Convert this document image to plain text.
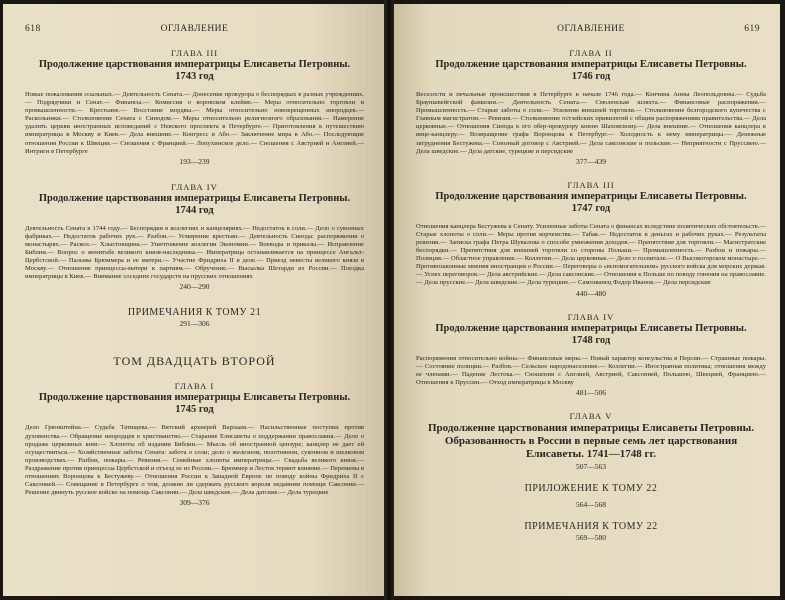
618	ОГЛАВЛЕНИЕ
ГЛАВА III
Продолжение царствования императрицы Елисаветы Петровны. 1743 год
Новые пожалования ссыльных.— Деятельность Сената.— Донесение прокурора о беспорядках в разных учреждениях.— Подрядчики и Сенат.— Финансы.— Комиссия о воровском клейме.— Меры относительно торговли и промышленности.— Крестьяне.— Восстание мордвы.— Меры относительно новокрещенных инородцев.— Раскольники.— Столкновение Сената с Синодом.— Меры относительно религиозного образования.— Намерение удалить церкви иностранных исповеданий с Невского проспекта в Петербурге.— Приготовления к путешествию императрицы в Москву и Киев.— Дела внешние.— Конгресс в Або.— Заключение мира в Або.— Последующие отношения России к Швеции.— Сношения с Францией.— Лопухинское дело.— Сношения с Австрией и Англией.— Интриги в Петербурге
193—239
ГЛАВА IV
Продолжение царствования императрицы Елисаветы Петровны. 1744 год
Деятельность Сената в 1744 году.— Беспорядки в коллегиях и канцеляриях.— Недостаток в соли.— Дело о суконных фабриках.— Недостаток рабочих рук.— Разбои.— Усмирение крестьян.— Деятельность Синода: распоряжения о монастырях.— Раскол.— Хлыстовщина.— Уничтожение коллегии Экономии.— Воеводы и приказы.— Исправление Библии.— Вопрос о женитьбе великого князя-наследника.— Императрица останавливается на принцессе Ангальт-Цербстской.— Пальмы Брюммера и ее матери.— Участие Фридриха II в деле.— Приезд невесты великого князя в Москву.— Отношение принцессы-матери к партиям.— Обручение.— Высылка Шетарди из России.— Поездка императрицы в Киев.— Внимание соседних государств на прусских отношениях
240—290
ПРИМЕЧАНИЯ К ТОМУ 21
291—306
ТОМ ДВАДЦАТЬ ВТОРОЙ
ГЛАВА I
Продолжение царствования императрицы Елисаветы Петровны. 1745 год
Дело Грюнштейна.— Судьба Татищева.— Вятский архиерей Варлаам.— Насильственные поступки против духовенства.— Обращение инородцев в христианство.— Старание Елисаветы о поддержании православия.— Дело о продаже церковных книг.— Хлопоты об издании Библии.— Мысль об иностранной цензуре; канцлер не дает ей осуществиться.— Хозяйственные заботы Сената: забота о соли; дело о железном, полотняном, суконном и шелковом производствах.— Разбои, пожары.— Ревизия.— Семейные хлопоты императрицы.— Свадьба великого князя.— Раздражение против принцессы Цербстской и отъезд ее из России.— Брюммер и Лесток теряют влияние.— Перемены в отношениях Воронцова к Бестужеву.— Отношения России к Западной Европе по поводу войны Фридриха II с Саксонией.— Совещание в Петербурге о том, должно ли сдержать русского короля недавним помощи Саксонии.— Решение двинуть русское войско на помощь Саксонии.— Дела шведские.— Дела датские.— Дела турецкие
309—376
ОГЛАВЛЕНИЕ	619
ГЛАВА II
Продолжение царствования императрицы Елисаветы Петровны. 1746 год
Веселости и печальные происшествия в Петербурге в начале 1746 года.— Кончина Анны Леопольдовны.— Судьба Брауншвейгской фамилии.— Деятельность Сената.— Смоленская шляхта.— Финансовые распоряжения.— Промышленность.— Старые заботы о соли.— Усиление внешней торговли.— Столкновение белгородского купечества с Главным магистратом.— Ревизия.— Столкновение остзейских привилегий с общим распоряжениям правительства.— Дела церковные.— Отношения Синода к его обер-прокурору князю Шаховскому.— Дела внешние.— Отношения канцлера к вице-канцлеру.— Возвращение графа Воронцова в Петербург.— Холодность к нему императрицы.— Денежные затруднения Бестужева.— Союзный договор с Австрией.— Дела саксонские и польские.— Неприятности с Пруссиею.— Дела шведские.— Дела датские, турецкие и персидские
377—439
ГЛАВА III
Продолжение царствования императрицы Елисаветы Петровны. 1747 год
Отношения канцлера Бестужева к Сенату. Усиленные заботы Сената о финансах вследствие политических обстоятельств.— Старые хлопоты о соли.— Меры против корчемства.— Табак.— Недостаток в деньгах и рабочих руках.— Результаты ревизии.— Записка графа Петра Шувалова о способе умножения доходов.— Препятствия для торговли.— Магистратские беспорядки.— Препятствия для внешней торговли со стороны Польши.— Промышленность.— Разбои и пожары.— Полиция.— Областное управление.— Коллегии.— Дела церковные.— Дело о госпитале.— О Высокогорском монастыре.— Противозаконные мнения иностранцев о России.— Переговоры о «вспомогательном» русского войска для морских держав.— Успех переговоров.— Дела австрийские.— Дела саксонские.— Отношения к Польше по поводу гонения на православие.— Дела прусские.— Дела шведские.— Дела турецкие.— Самозванец Федор Иванов.— Дела персидские
440—480
ГЛАВА IV
Продолжение царствования императрицы Елисаветы Петровны. 1748 год
Распоряжения относительно войны.— Финансовые меры.— Новый характер консульства в Персии.— Страшные пожары.— Состояние полиции.— Разбои.— Сельское народонаселение.— Коллегии.— Иностранная политика; отношения между ее членами.— Падение Лестока.— Сношения с Англией, Австрией, Саксонией, Польшею, Швецией, Франциею.— Отношения к Пруссии.— Отход императрицы в Москву
481—506
ГЛАВА V
Продолжение царствования императрицы Елисаветы Петровны. Образованность в России в первые семь лет царствования Елисаветы. 1741—1748 гг.
507—563
ПРИЛОЖЕНИЕ К ТОМУ 22
564—568
ПРИМЕЧАНИЯ К ТОМУ 22
569—580
